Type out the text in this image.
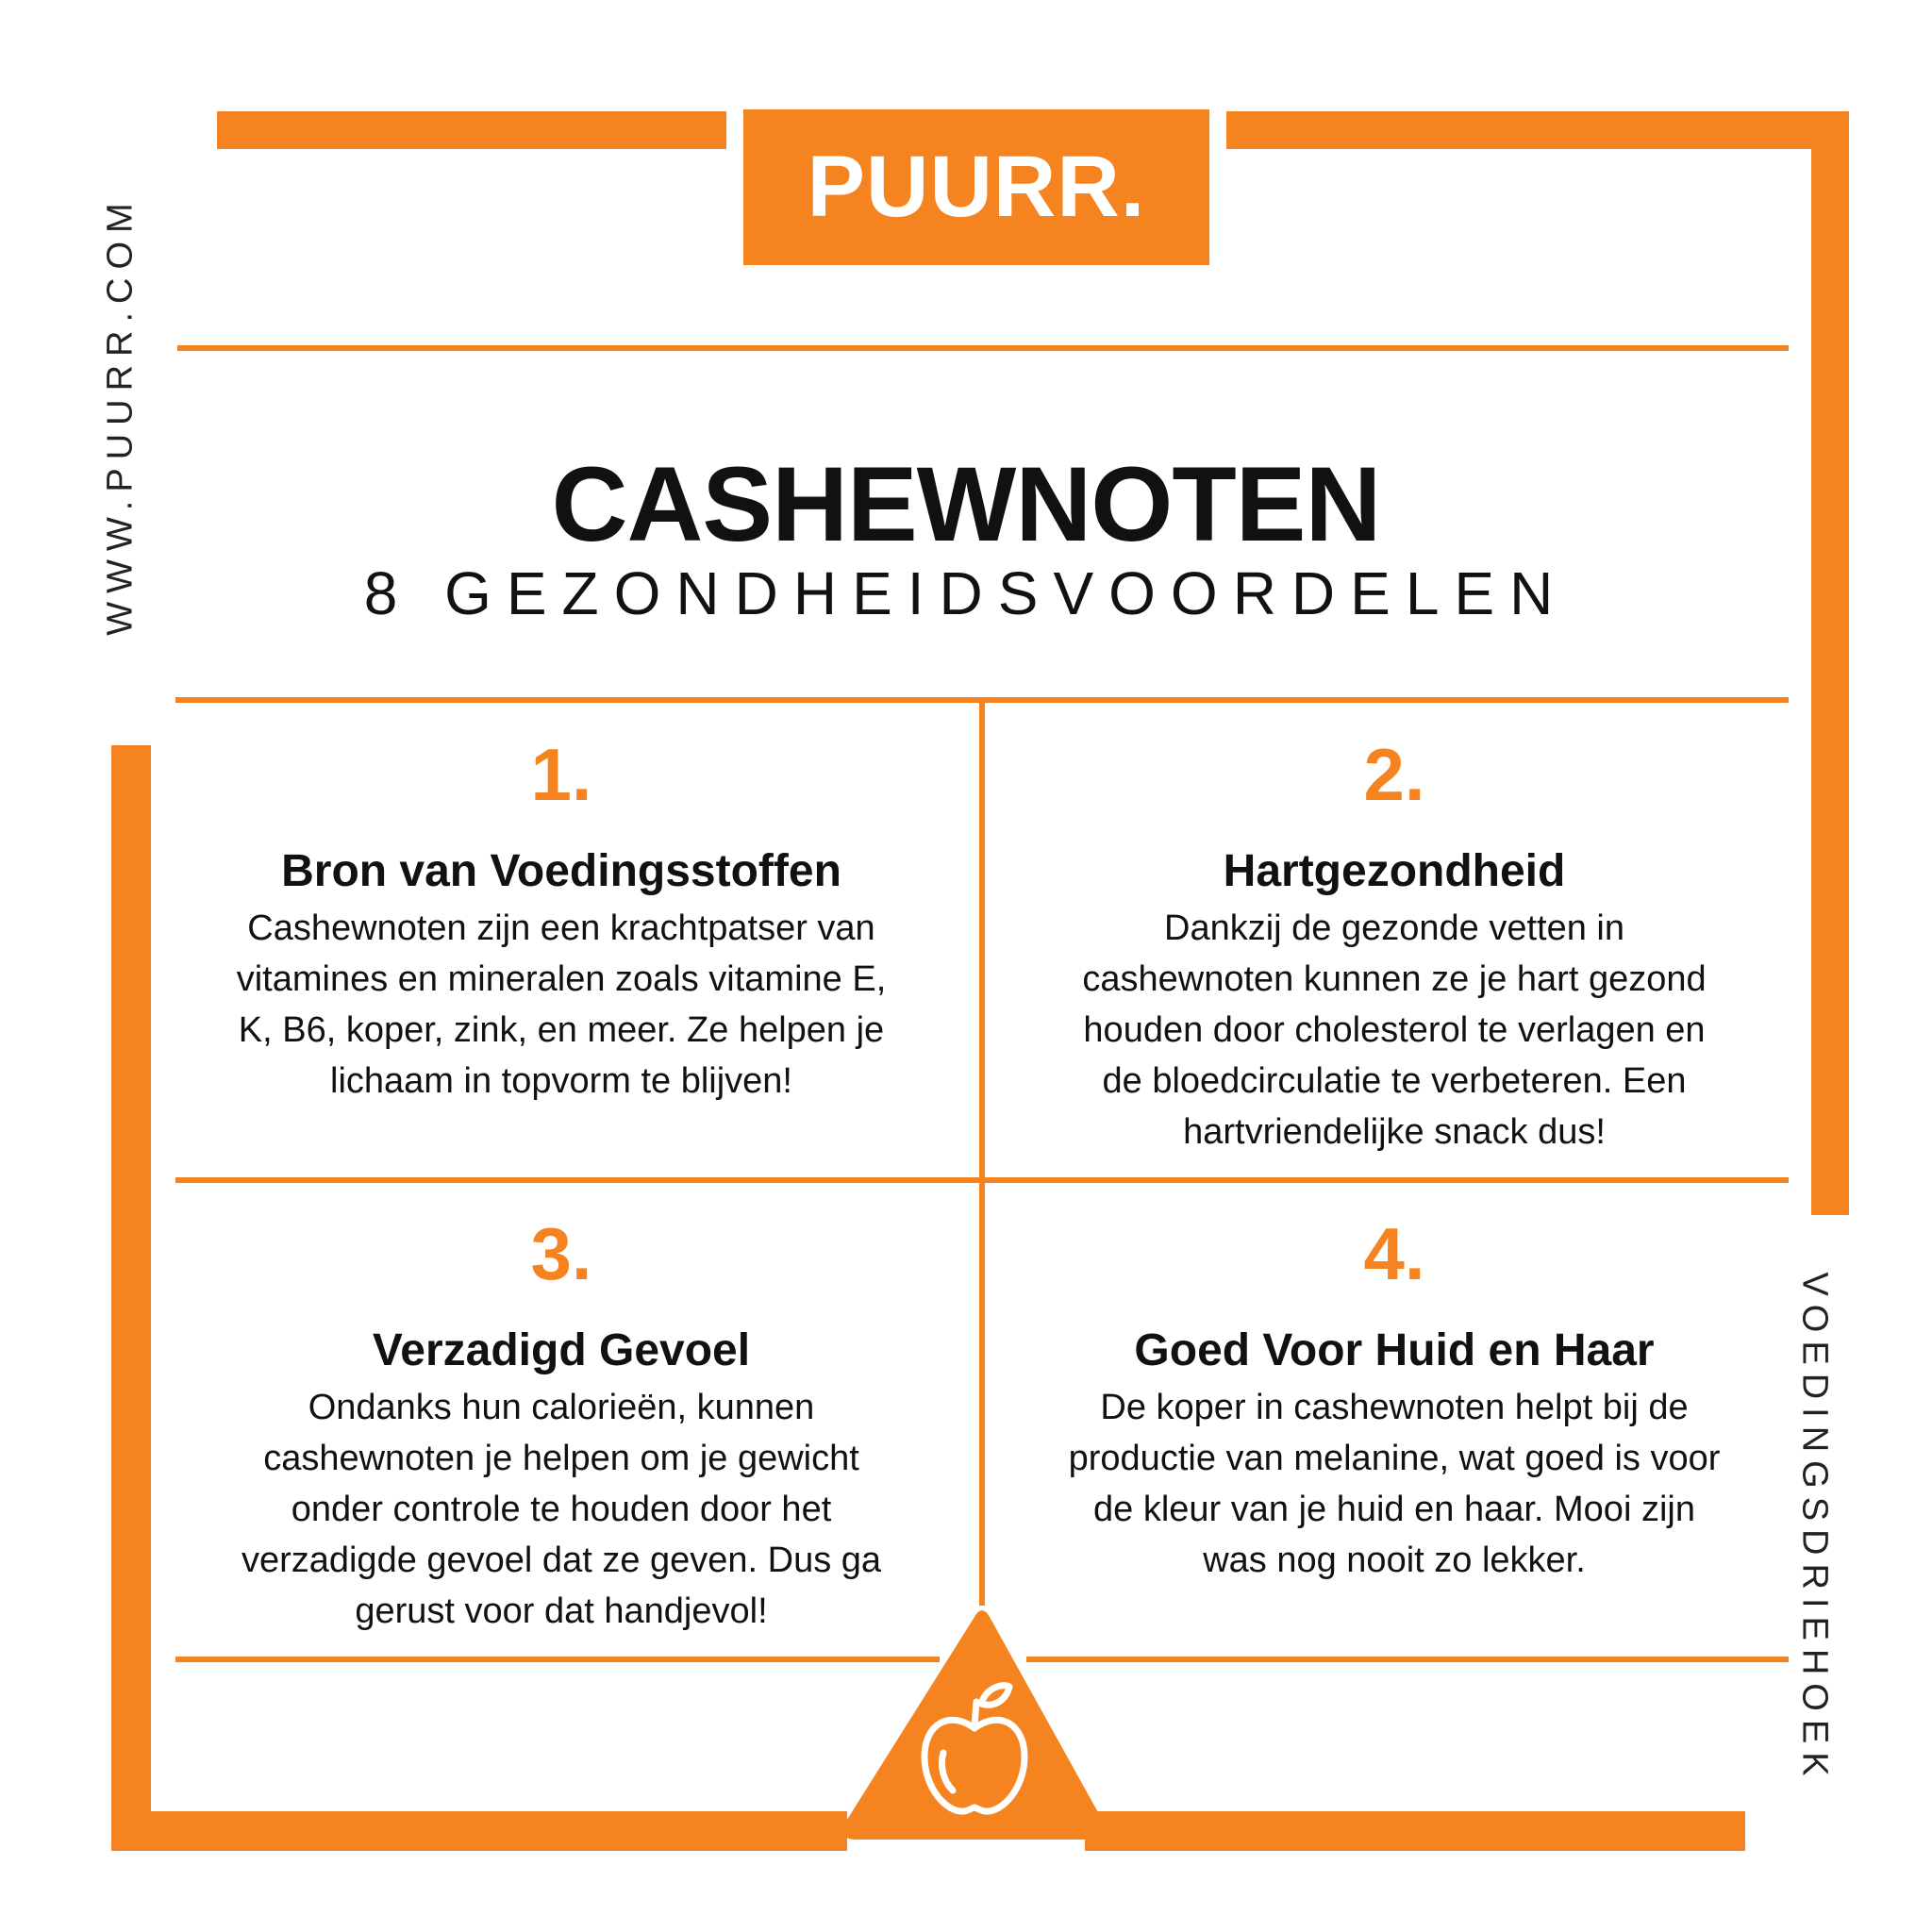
PUURR.
WWW.PUURR.COM
VOEDINGSDRIEHOEK
CASHEWNOTEN
8 GEZONDHEIDSVOORDELEN
1.
Bron van Voedingsstoffen
Cashewnoten zijn een krachtpatser van
vitamines en mineralen zoals vitamine E,
K, B6, koper, zink, en meer. Ze helpen je
lichaam in topvorm te blijven!
2.
Hartgezondheid
Dankzij de gezonde vetten in
cashewnoten kunnen ze je hart gezond
houden door cholesterol te verlagen en
de bloedcirculatie te verbeteren. Een
hartvriendelijke snack dus!
3.
Verzadigd Gevoel
Ondanks hun calorieën, kunnen
cashewnoten je helpen om je gewicht
onder controle te houden door het
verzadigde gevoel dat ze geven. Dus ga
gerust voor dat handjevol!
4.
Goed Voor Huid en Haar
De koper in cashewnoten helpt bij de
productie van melanine, wat goed is voor
de kleur van je huid en haar. Mooi zijn
was nog nooit zo lekker.
